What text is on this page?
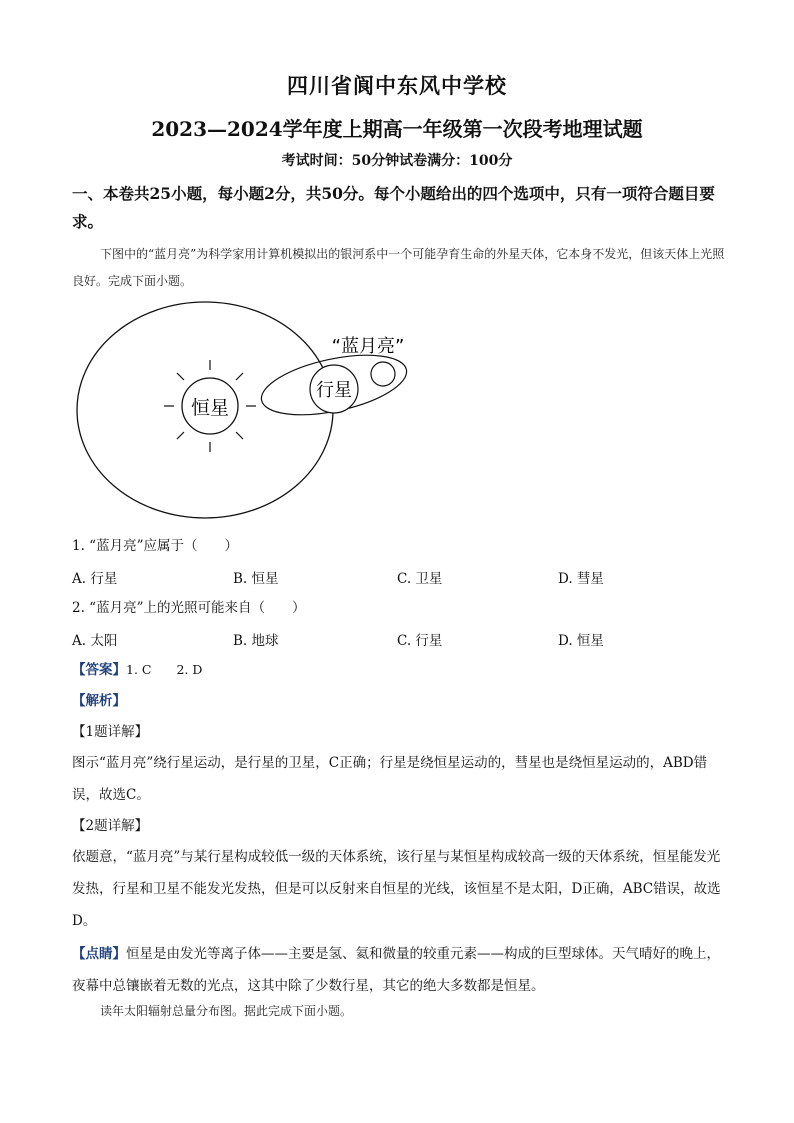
四川省阆中东风中学校
2023—2024学年度上期高一年级第一次段考地理试题
考试时间：50分钟试卷满分：100分
一、本卷共25小题，每小题2分，共50分。每个小题给出的四个选项中，只有一项符合题目要求。
下图中的“蓝月亮”为科学家用计算机模拟出的银河系中一个可能孕育生命的外星天体，它本身不发光，但该天体上光照良好。完成下面小题。
恒星
行星
“蓝月亮”
1. “蓝月亮”应属于（　　）
A. 行星	B. 恒星	C. 卫星	D. 彗星
2. “蓝月亮”上的光照可能来自（　　）
A. 太阳	B. 地球	C. 行星	D. 恒星
【答案】1. C　　2. D
【解析】
【1题详解】
图示“蓝月亮”绕行星运动，是行星的卫星，C正确；行星是绕恒星运动的，彗星也是绕恒星运动的，ABD错误，故选C。
【2题详解】
依题意，“蓝月亮”与某行星构成较低一级的天体系统，该行星与某恒星构成较高一级的天体系统，恒星能发光发热，行星和卫星不能发光发热，但是可以反射来自恒星的光线，该恒星不是太阳，D正确，ABC错误，故选D。
【点睛】恒星是由发光等离子体——主要是氢、氦和微量的较重元素——构成的巨型球体。天气晴好的晚上，夜幕中总镶嵌着无数的光点，这其中除了少数行星，其它的绝大多数都是恒星。
读年太阳辐射总量分布图。据此完成下面小题。
